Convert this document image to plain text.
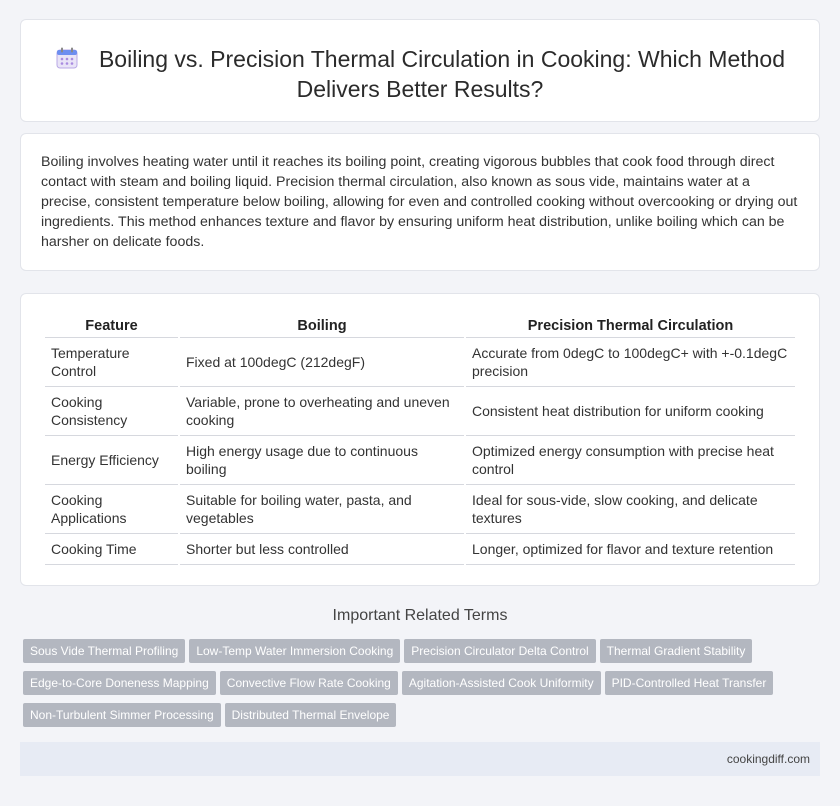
Boiling vs. Precision Thermal Circulation in Cooking: Which Method Delivers Better Results?

Boiling involves heating water until it reaches its boiling point, creating vigorous bubbles that cook food through direct contact with steam and boiling liquid. Precision thermal circulation, also known as sous vide, maintains water at a precise, consistent temperature below boiling, allowing for even and controlled cooking without overcooking or drying out ingredients. This method enhances texture and flavor by ensuring uniform heat distribution, unlike boiling which can be harsher on delicate foods.

Feature	Boiling	Precision Thermal Circulation
Temperature Control	Fixed at 100degC (212degF)	Accurate from 0degC to 100degC+ with +-0.1degC precision
Cooking Consistency	Variable, prone to overheating and uneven cooking	Consistent heat distribution for uniform cooking
Energy Efficiency	High energy usage due to continuous boiling	Optimized energy consumption with precise heat control
Cooking Applications	Suitable for boiling water, pasta, and vegetables	Ideal for sous-vide, slow cooking, and delicate textures
Cooking Time	Shorter but less controlled	Longer, optimized for flavor and texture retention
Important Related Terms
Sous Vide Thermal Profiling Low-Temp Water Immersion Cooking Precision Circulator Delta Control Thermal Gradient StabilityEdge-to-Core Doneness Mapping Convective Flow Rate Cooking Agitation-Assisted Cook Uniformity PID-Controlled Heat TransferNon-Turbulent Simmer Processing Distributed Thermal Envelope
cookingdiff.com
